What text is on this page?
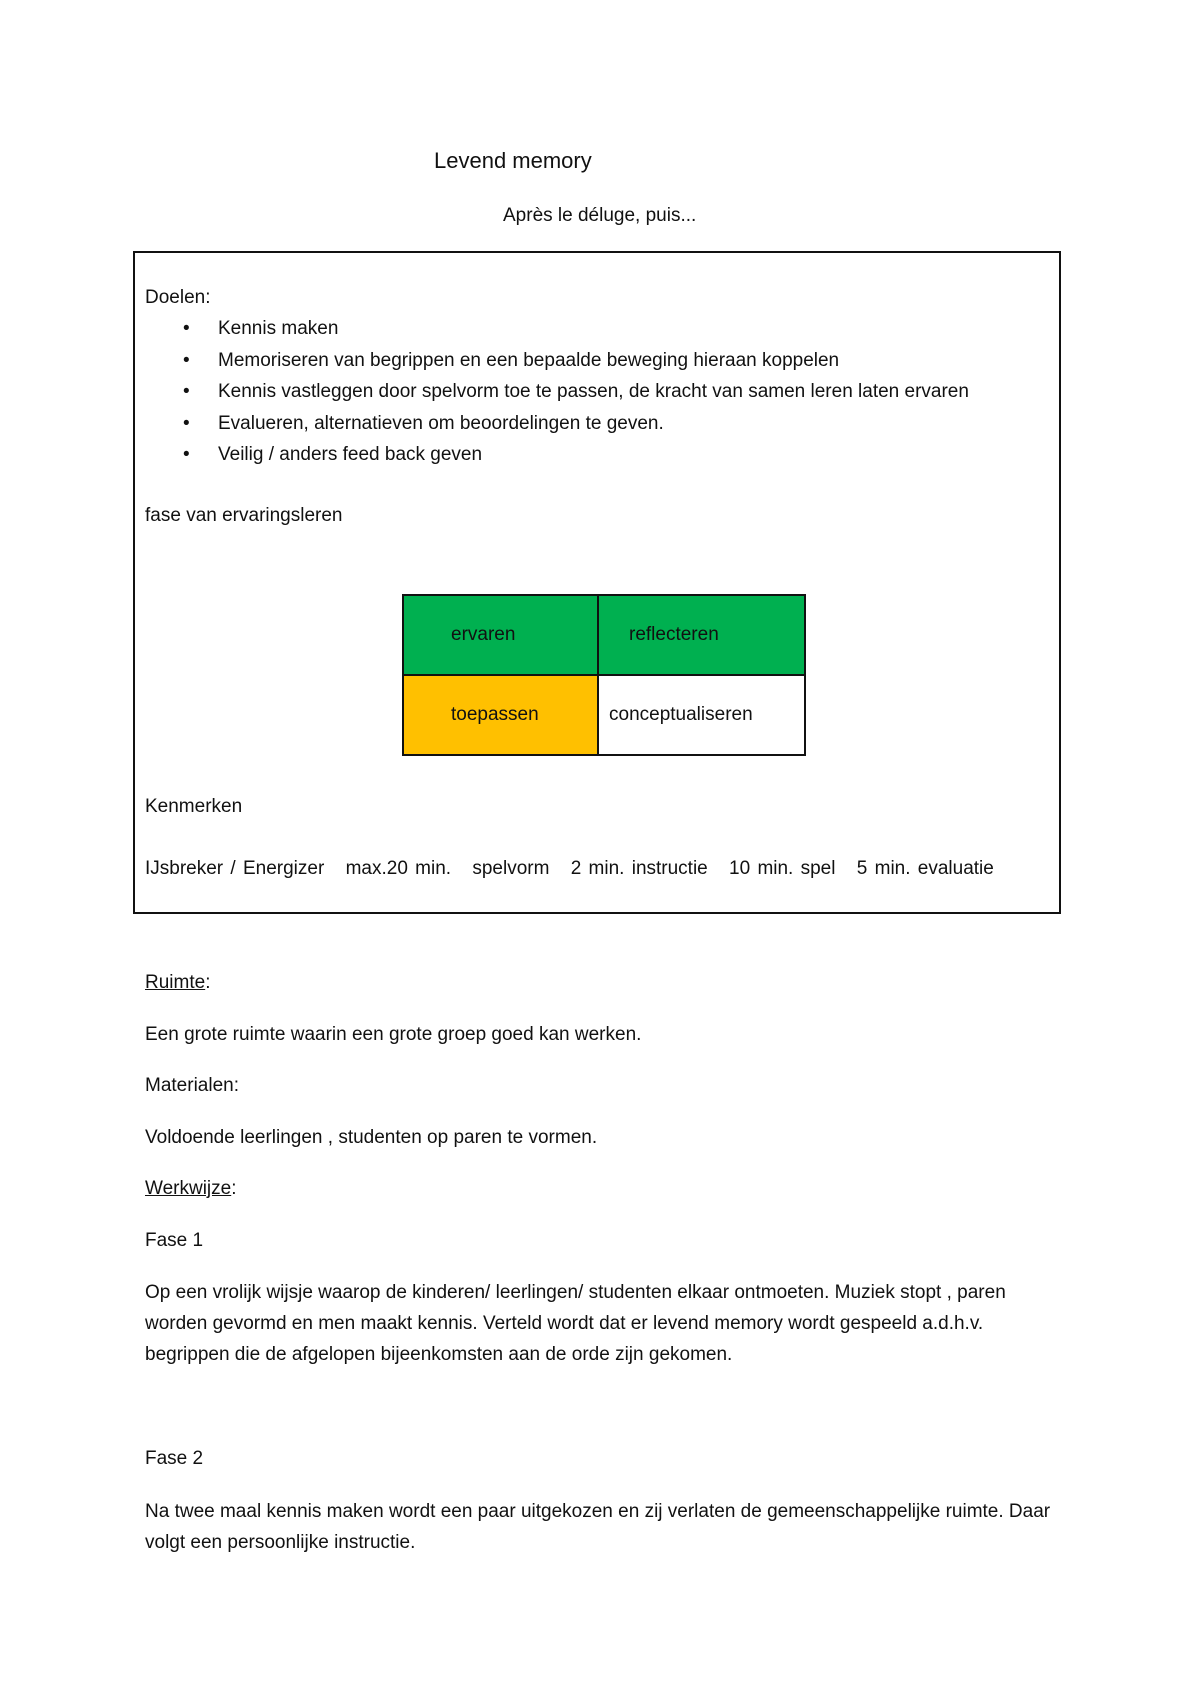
Levend memory
Après le déluge, puis...
Doelen:
• Kennis maken
• Memoriseren van begrippen en een bepaalde beweging hieraan koppelen
• Kennis vastleggen door spelvorm toe te passen, de kracht van samen leren laten ervaren
• Evalueren, alternatieven om beoordelingen te geven.
• Veilig / anders feed back geven
fase van ervaringsleren
ervaren	reflecteren
toepassen	conceptualiseren
Kenmerken
IJsbreker / Energizer max.20 min. spelvorm 2 min. instructie 10 min. spel 5 min. evaluatie
Ruimte:
Een grote ruimte waarin een grote groep goed kan werken.
Materialen:
Voldoende leerlingen , studenten op paren te vormen.
Werkwijze:
Fase 1
Op een vrolijk wijsje waarop de kinderen/ leerlingen/ studenten elkaar ontmoeten. Muziek stopt , paren worden gevormd en men maakt kennis. Verteld wordt dat er levend memory wordt gespeeld a.d.h.v. begrippen die de afgelopen bijeenkomsten aan de orde zijn gekomen.
Fase 2
Na twee maal kennis maken wordt een paar uitgekozen en zij verlaten de gemeenschappelijke ruimte. Daar volgt een persoonlijke instructie.
